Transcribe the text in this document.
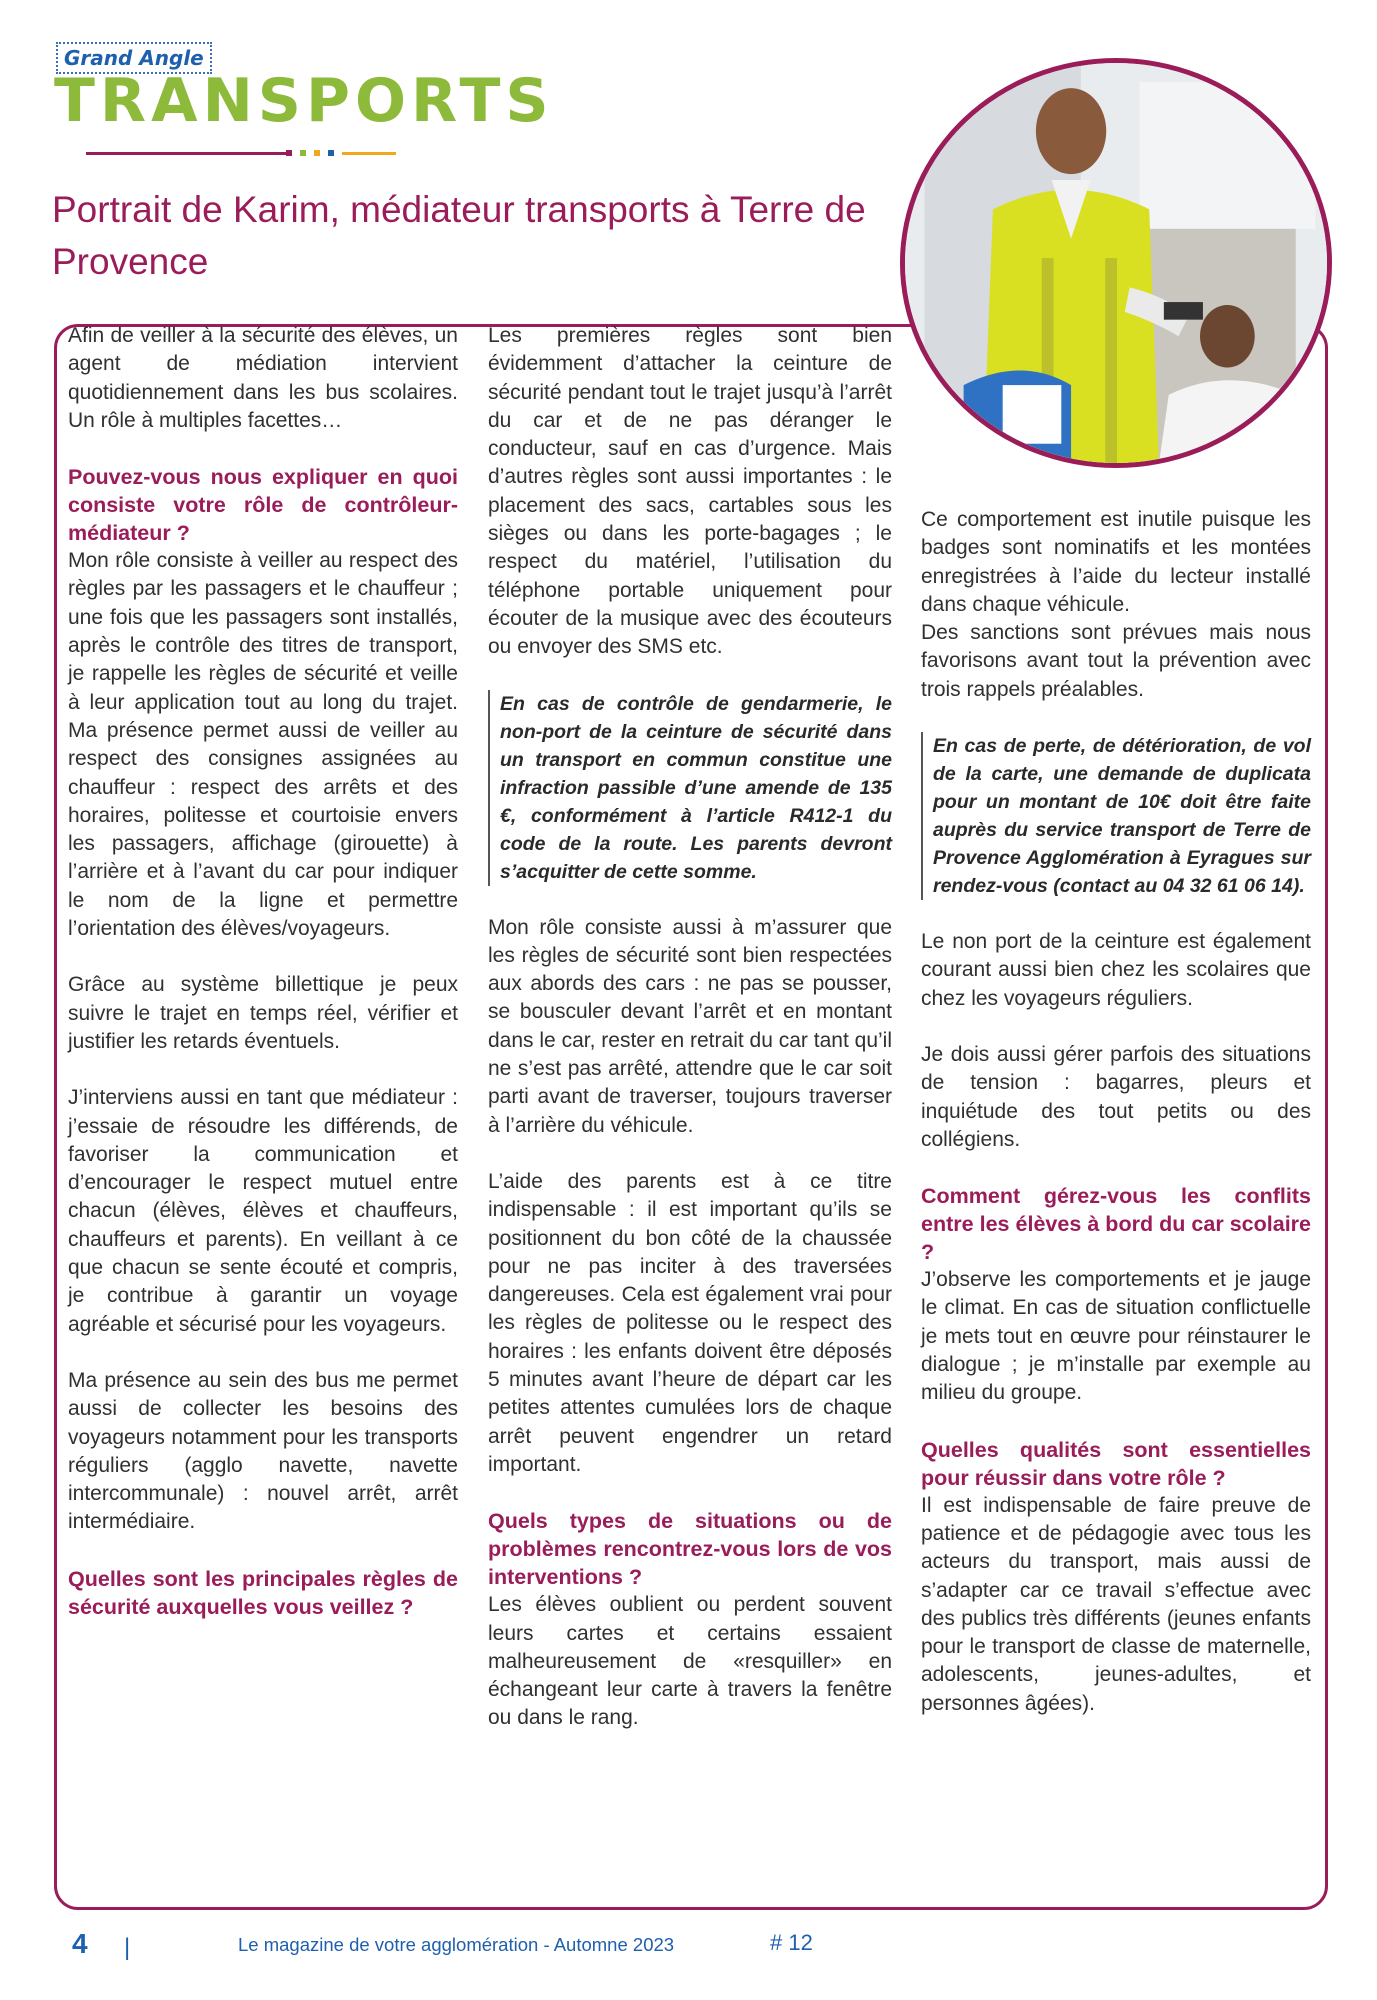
Grand Angle
TRANSPORTS
Portrait de Karim, médiateur transports à Terre de Provence

Afin de veiller à la sécurité des élèves, un agent de médiation intervient quotidiennement dans les bus scolaires. Un rôle à multiples facettes…

Pouvez-vous nous expliquer en quoi consiste votre rôle de contrôleur-médiateur ?

Mon rôle consiste à veiller au respect des règles par les passagers et le chauffeur ; une fois que les passagers sont installés, après le contrôle des titres de transport, je rappelle les règles de sécurité et veille à leur application tout au long du trajet. Ma présence permet aussi de veiller au respect des consignes assignées au chauffeur : respect des arrêts et des horaires, politesse et courtoisie envers les passagers, affichage (girouette) à l’arrière et à l’avant du car pour indiquer le nom de la ligne et permettre l’orientation des élèves/voyageurs.

Grâce au système billettique je peux suivre le trajet en temps réel, vérifier et justifier les retards éventuels.

J’interviens aussi en tant que médiateur : j’essaie de résoudre les différends, de favoriser la communication et d’encourager le respect mutuel entre chacun (élèves, élèves et chauffeurs, chauffeurs et parents). En veillant à ce que chacun se sente écouté et compris, je contribue à garantir un voyage agréable et sécurisé pour les voyageurs.

Ma présence au sein des bus me permet aussi de collecter les besoins des voyageurs notamment pour les transports réguliers (agglo navette, navette intercommunale) : nouvel arrêt, arrêt intermédiaire.

Quelles sont les principales règles de sécurité auxquelles vous veillez ?

Les premières règles sont bien évidemment d’attacher la ceinture de sécurité pendant tout le trajet jusqu’à l’arrêt du car et de ne pas déranger le conducteur, sauf en cas d’urgence. Mais d’autres règles sont aussi importantes : le placement des sacs, cartables sous les sièges ou dans les porte-bagages ; le respect du matériel, l’utilisation du téléphone portable uniquement pour écouter de la musique avec des écouteurs ou envoyer des SMS etc.

En cas de contrôle de gendarmerie, le non-port de la ceinture de sécurité dans un transport en commun constitue une infraction passible d’une amende de 135 €, conformément à l’article R412-1 du code de la route. Les parents devront s’acquitter de cette somme.

Mon rôle consiste aussi à m’assurer que les règles de sécurité sont bien respectées aux abords des cars : ne pas se pousser, se bousculer devant l’arrêt et en montant dans le car, rester en retrait du car tant qu’il ne s’est pas arrêté, attendre que le car soit parti avant de traverser, toujours traverser à l’arrière du véhicule.

L’aide des parents est à ce titre indispensable : il est important qu’ils se positionnent du bon côté de la chaussée pour ne pas inciter à des traversées dangereuses. Cela est également vrai pour les règles de politesse ou le respect des horaires : les enfants doivent être déposés 5 minutes avant l’heure de départ car les petites attentes cumulées lors de chaque arrêt peuvent engendrer un retard important.

Quels types de situations ou de problèmes rencontrez-vous lors de vos interventions ?

Les élèves oublient ou perdent souvent leurs cartes et certains essaient malheureusement de «resquiller» en échangeant leur carte à travers la fenêtre ou dans le rang.

Ce comportement est inutile puisque les badges sont nominatifs et les montées enregistrées à l’aide du lecteur installé dans chaque véhicule.

Des sanctions sont prévues mais nous favorisons avant tout la prévention avec trois rappels préalables.

En cas de perte, de détérioration, de vol de la carte, une demande de duplicata pour un montant de 10€ doit être faite auprès du service transport de Terre de Provence Agglomération à Eyragues sur rendez-vous (contact au 04 32 61 06 14).

Le non port de la ceinture est également courant aussi bien chez les scolaires que chez les voyageurs réguliers.

Je dois aussi gérer parfois des situations de tension : bagarres, pleurs et inquiétude des tout petits ou des collégiens.

Comment gérez-vous les conflits entre les élèves à bord du car scolaire ?

J’observe les comportements et je jauge le climat. En cas de situation conflictuelle je mets tout en œuvre pour réinstaurer le dialogue ; je m’installe par exemple au milieu du groupe.

Quelles qualités sont essentielles pour réussir dans votre rôle ?

Il est indispensable de faire preuve de patience et de pédagogie avec tous les acteurs du transport, mais aussi de s’adapter car ce travail s’effectue avec des publics très différents (jeunes enfants pour le transport de classe de maternelle, adolescents, jeunes-adultes, et personnes âgées).

4 |	Le magazine de votre agglomération - Automne 2023	# 12
